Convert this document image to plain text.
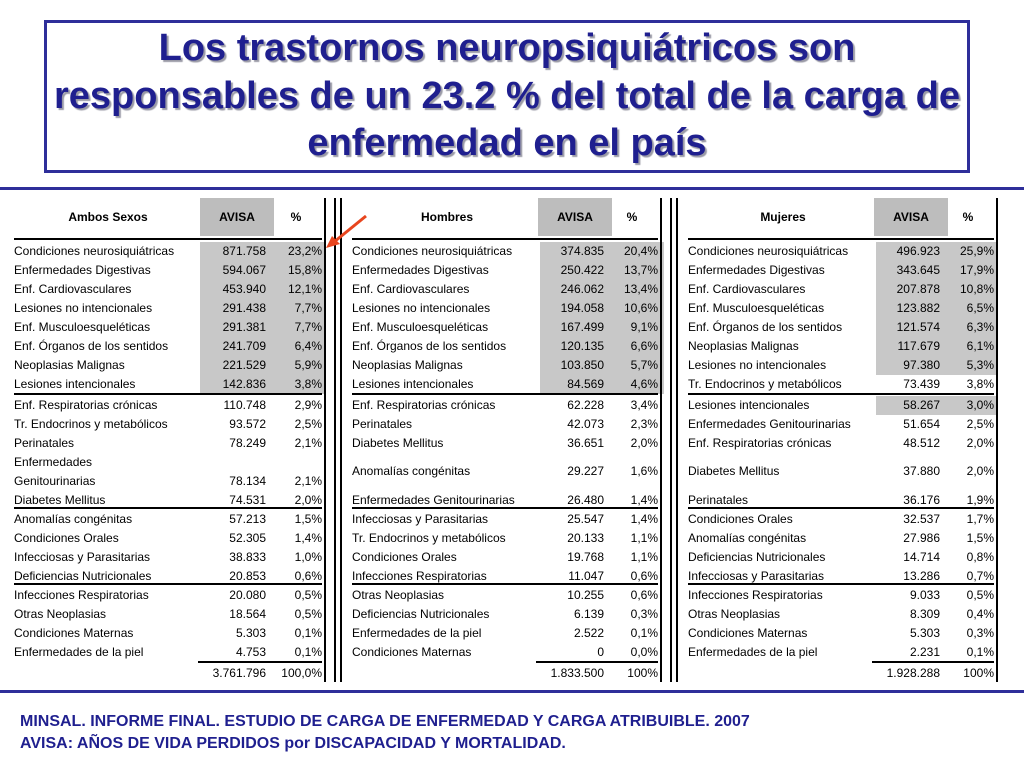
Los trastornos neuropsiquiátricos son responsables de un 23.2 % del total de la carga de enfermedad en el país
Ambos Sexos	AVISA	%
Condiciones neurosiquiátricas	871.758	23,2%
Enfermedades Digestivas	594.067	15,8%
Enf. Cardiovasculares	453.940	12,1%
Lesiones no intencionales	291.438	7,7%
Enf. Musculoesqueléticas	291.381	7,7%
Enf. Órganos de los sentidos	241.709	6,4%
Neoplasias Malignas	221.529	5,9%
Lesiones intencionales	142.836	3,8%
Enf. Respiratorias crónicas	110.748	2,9%
Tr. Endocrinos y metabólicos	93.572	2,5%
Perinatales	78.249	2,1%
Enfermedades
Genitourinarias	78.134	2,1%
Diabetes Mellitus	74.531	2,0%
Anomalías congénitas	57.213	1,5%
Condiciones Orales	52.305	1,4%
Infecciosas y Parasitarias	38.833	1,0%
Deficiencias Nutricionales	20.853	0,6%
Infecciones Respiratorias	20.080	0,5%
Otras Neoplasias	18.564	0,5%
Condiciones Maternas	5.303	0,1%
Enfermedades de la piel	4.753	0,1%
3.761.796	100,0%
Hombres	AVISA	%
Condiciones neurosiquiátricas	374.835	20,4%
Enfermedades Digestivas	250.422	13,7%
Enf. Cardiovasculares	246.062	13,4%
Lesiones no intencionales	194.058	10,6%
Enf. Musculoesqueléticas	167.499	9,1%
Enf. Órganos de los sentidos	120.135	6,6%
Neoplasias Malignas	103.850	5,7%
Lesiones intencionales	84.569	4,6%
Enf. Respiratorias crónicas	62.228	3,4%
Perinatales	42.073	2,3%
Diabetes Mellitus	36.651	2,0%
Anomalías congénitas	29.227	1,6%
Enfermedades Genitourinarias	26.480	1,4%
Infecciosas y Parasitarias	25.547	1,4%
Tr. Endocrinos y metabólicos	20.133	1,1%
Condiciones Orales	19.768	1,1%
Infecciones Respiratorias	11.047	0,6%
Otras Neoplasias	10.255	0,6%
Deficiencias Nutricionales	6.139	0,3%
Enfermedades de la piel	2.522	0,1%
Condiciones Maternas	0	0,0%
1.833.500	100%
Mujeres	AVISA	%
Condiciones neurosiquiátricas	496.923	25,9%
Enfermedades Digestivas	343.645	17,9%
Enf. Cardiovasculares	207.878	10,8%
Enf. Musculoesqueléticas	123.882	6,5%
Enf. Órganos de los sentidos	121.574	6,3%
Neoplasias Malignas	117.679	6,1%
Lesiones no intencionales	97.380	5,3%
Tr. Endocrinos y metabólicos	73.439	3,8%
Lesiones intencionales	58.267	3,0%
Enfermedades Genitourinarias	51.654	2,5%
Enf. Respiratorias crónicas	48.512	2,0%
Diabetes Mellitus	37.880	2,0%
Perinatales	36.176	1,9%
Condiciones Orales	32.537	1,7%
Anomalías congénitas	27.986	1,5%
Deficiencias Nutricionales	14.714	0,8%
Infecciosas y Parasitarias	13.286	0,7%
Infecciones Respiratorias	9.033	0,5%
Otras Neoplasias	8.309	0,4%
Condiciones Maternas	5.303	0,3%
Enfermedades de la piel	2.231	0,1%
1.928.288	100%
MINSAL. INFORME FINAL. ESTUDIO DE CARGA DE ENFERMEDAD Y CARGA ATRIBUIBLE. 2007
AVISA: AÑOS DE VIDA PERDIDOS por DISCAPACIDAD Y MORTALIDAD.
